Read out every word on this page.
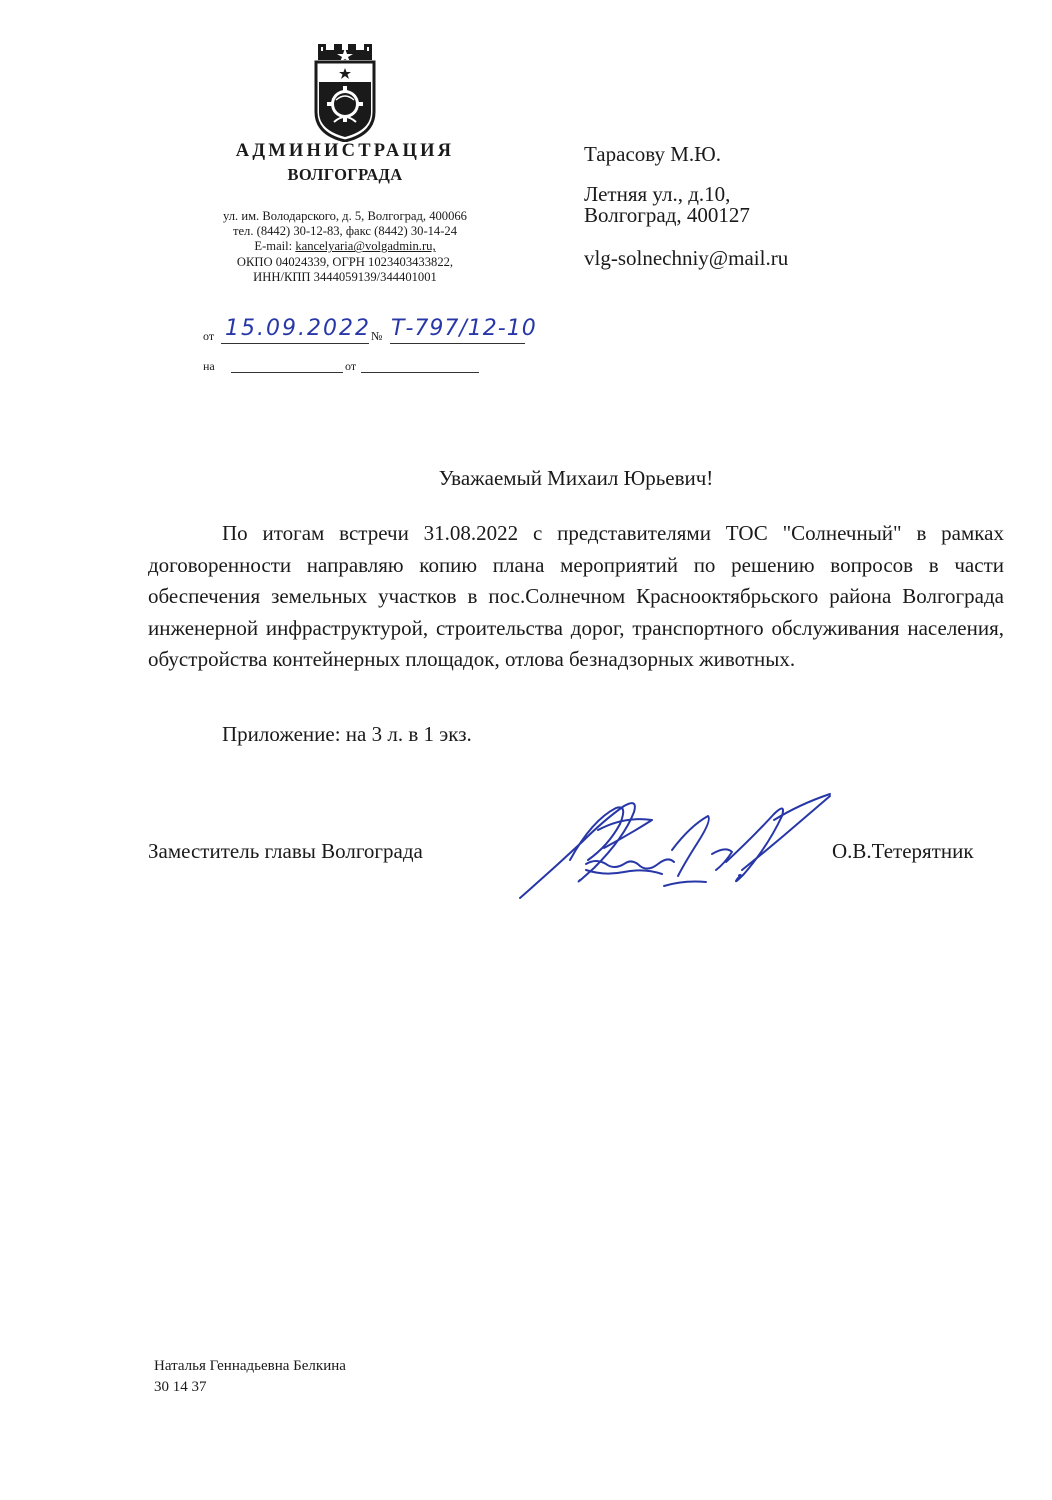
АДМИНИСТРАЦИЯ
ВОЛГОГРАДА
ул. им. Володарского, д. 5, Волгоград, 400066
тел. (8442) 30-12-83, факс (8442) 30-14-24
E-mail: kancelyaria@volgadmin.ru,
ОКПО 04024339, ОГРН 1023403433822,
ИНН/КПП 3444059139/344401001
от 15.09.2022 № Т-797/12-10
на	от
Тарасову М.Ю.
Летняя ул., д.10,
Волгоград, 400127
vlg-solnechniy@mail.ru
Уважаемый Михаил Юрьевич!

По итогам встречи 31.08.2022 с представителями ТОС "Солнечный" в рамках договоренности направляю копию плана мероприятий по решению вопросов в части обеспечения земельных участков в пос.Солнечном Краснооктябрьского района Волгограда инженерной инфраструктурой, строительства дорог, транспортного обслуживания населения, обустройства контейнерных площадок, отлова безнадзорных животных.

Приложение: на 3 л. в 1 экз.
Заместитель главы Волгограда	О.В.Тетерятник
Наталья Геннадьевна Белкина
30 14 37
